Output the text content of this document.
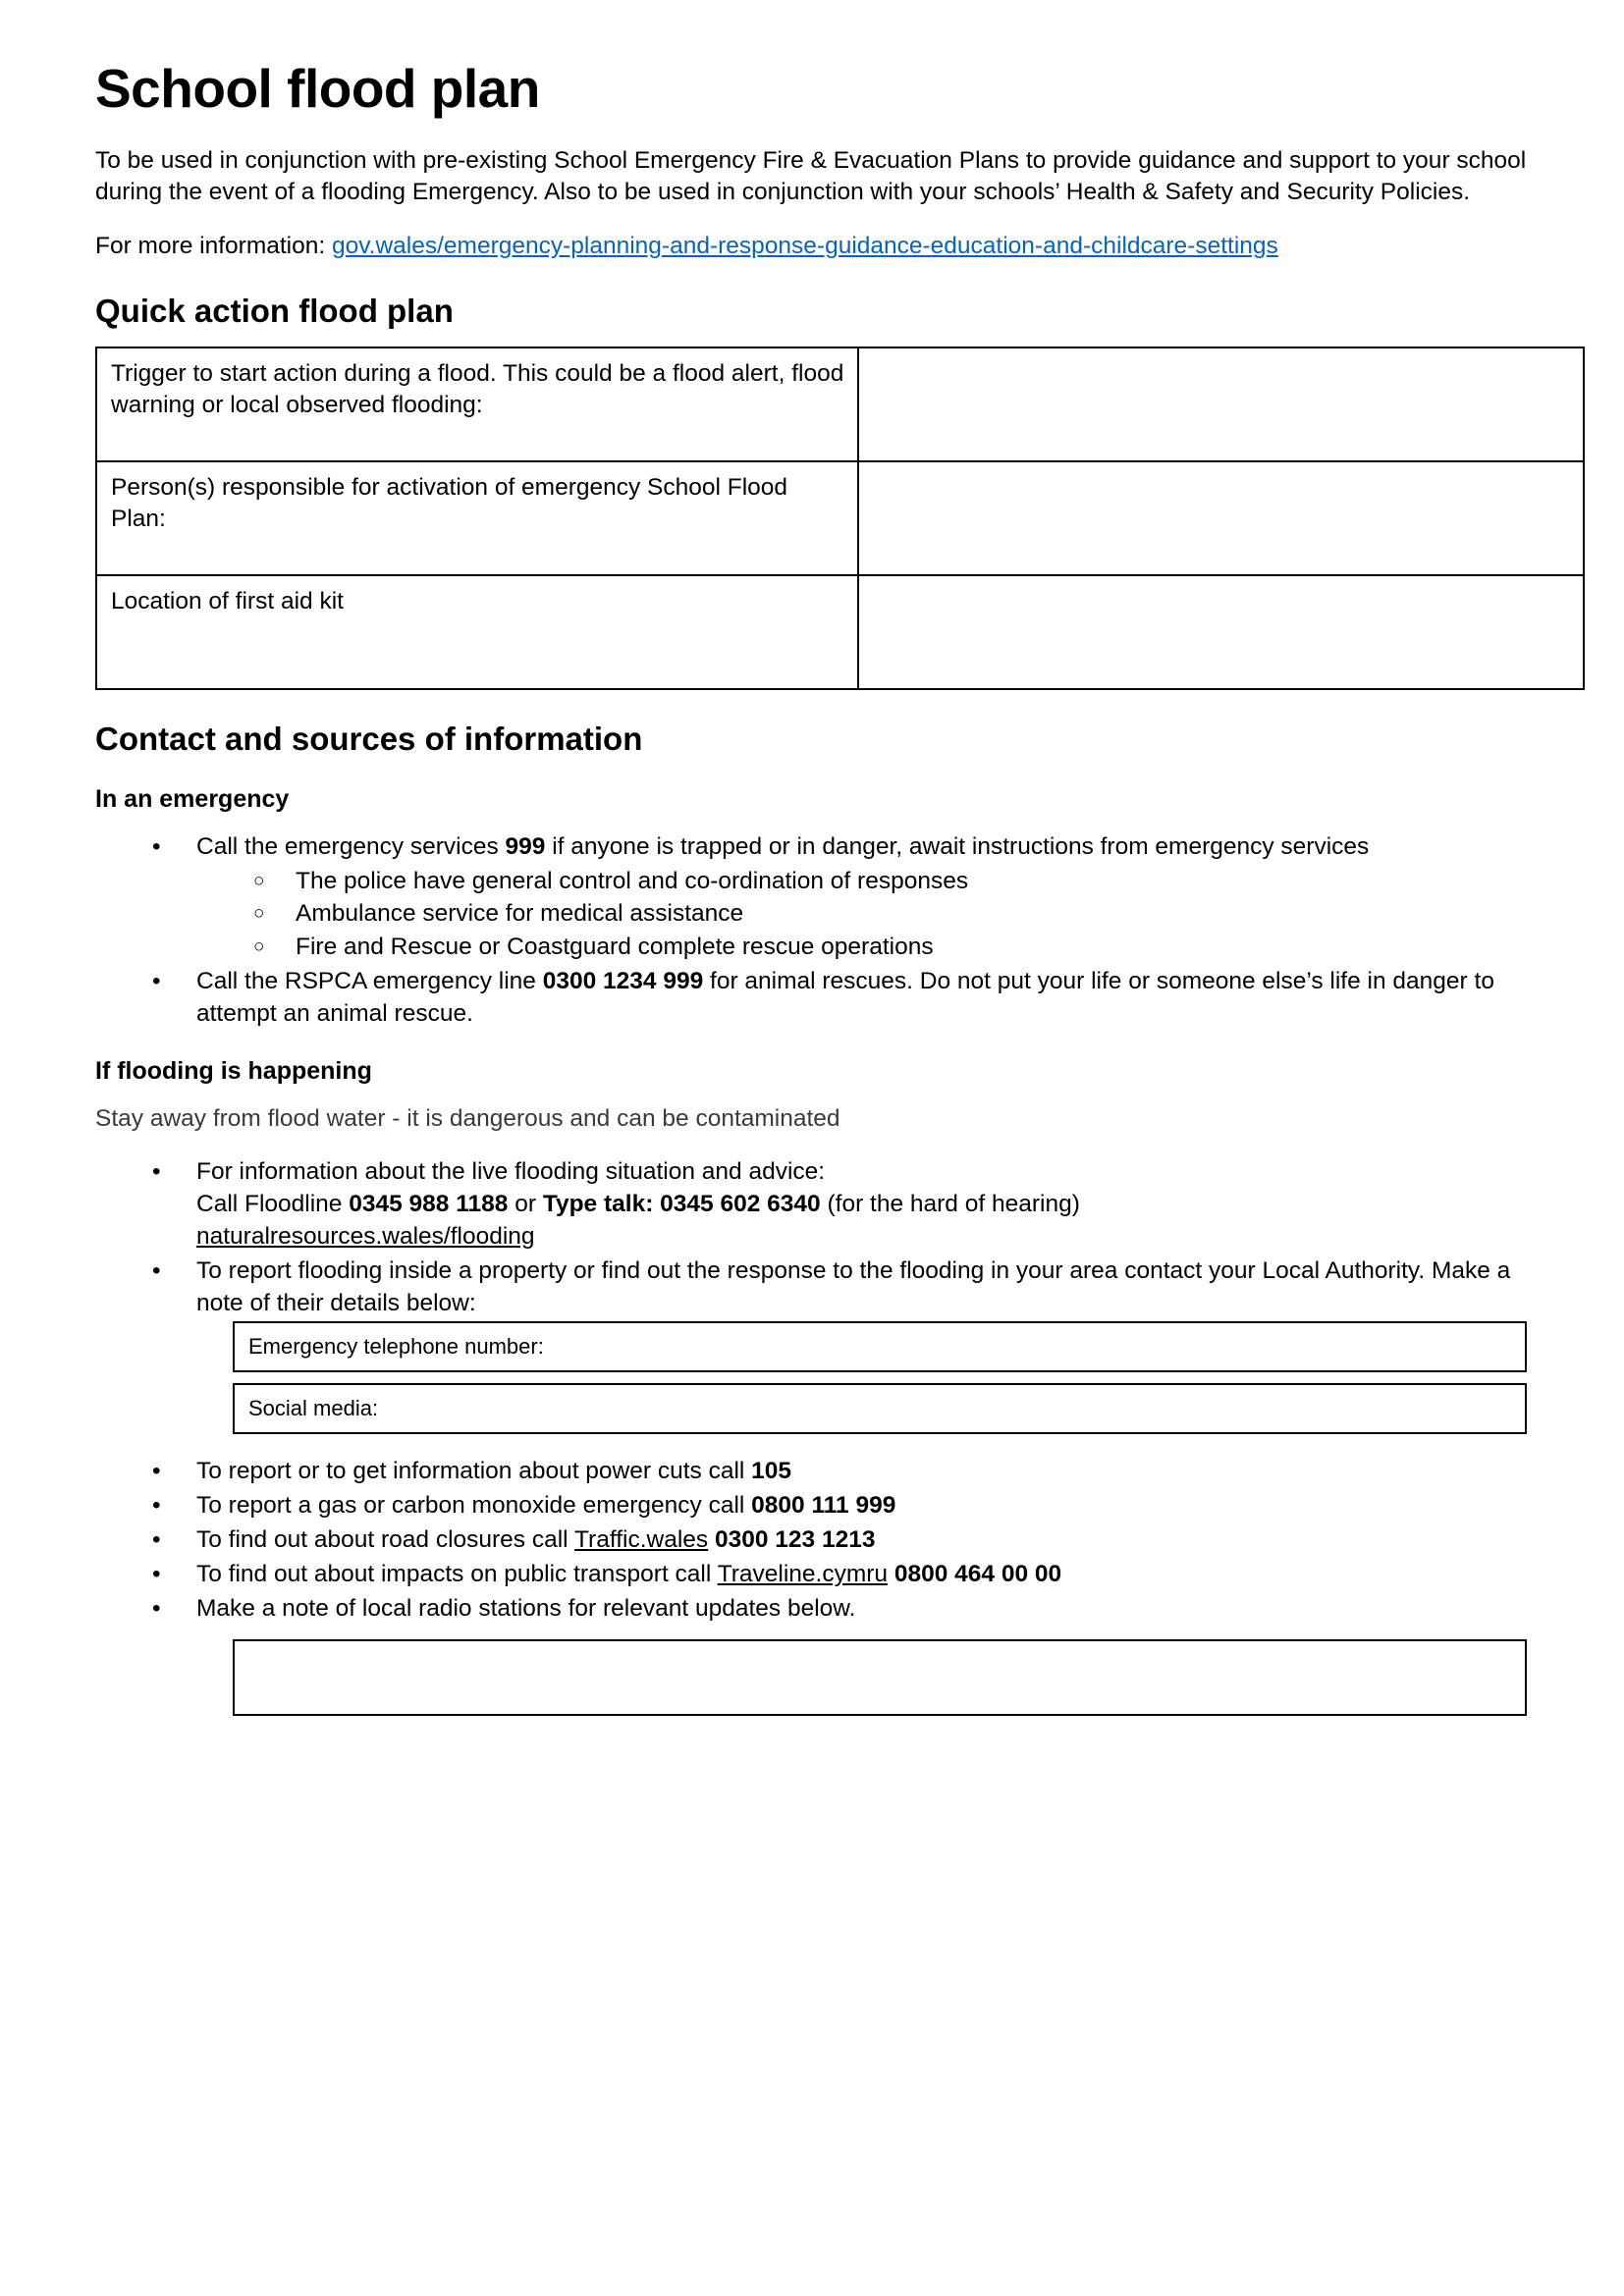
School flood plan

To be used in conjunction with pre-existing School Emergency Fire & Evacuation Plans to provide guidance and support to your school during the event of a flooding Emergency. Also to be used in conjunction with your schools’ Health & Safety and Security Policies.

For more information: gov.wales/emergency-planning-and-response-guidance-education-and-childcare-settings

Quick action flood plan
Trigger to start action during a flood. This could be a flood alert, flood warning or local observed flooding:	
Person(s) responsible for activation of emergency School Flood Plan:	
Location of first aid kit	
Contact and sources of information
In an emergency
• Call the emergency services 999 if anyone is trapped or in danger, await instructions from emergency services
○ The police have general control and co-ordination of responses
○ Ambulance service for medical assistance
○ Fire and Rescue or Coastguard complete rescue operations
• Call the RSPCA emergency line 0300 1234 999 for animal rescues. Do not put your life or someone else’s life in danger to attempt an animal rescue.
If flooding is happening

Stay away from flood water - it is dangerous and can be contaminated

• For information about the live flooding situation and advice:
Call Floodline 0345 988 1188 or Type talk: 0345 602 6340 (for the hard of hearing)
naturalresources.wales/flooding
• To report flooding inside a property or find out the response to the flooding in your area contact your Local Authority. Make a note of their details below:
Emergency telephone number:
Social media:
• To report or to get information about power cuts call 105
• To report a gas or carbon monoxide emergency call 0800 111 999
• To find out about road closures call Traffic.wales 0300 123 1213
• To find out about impacts on public transport call Traveline.cymru 0800 464 00 00
• Make a note of local radio stations for relevant updates below.
